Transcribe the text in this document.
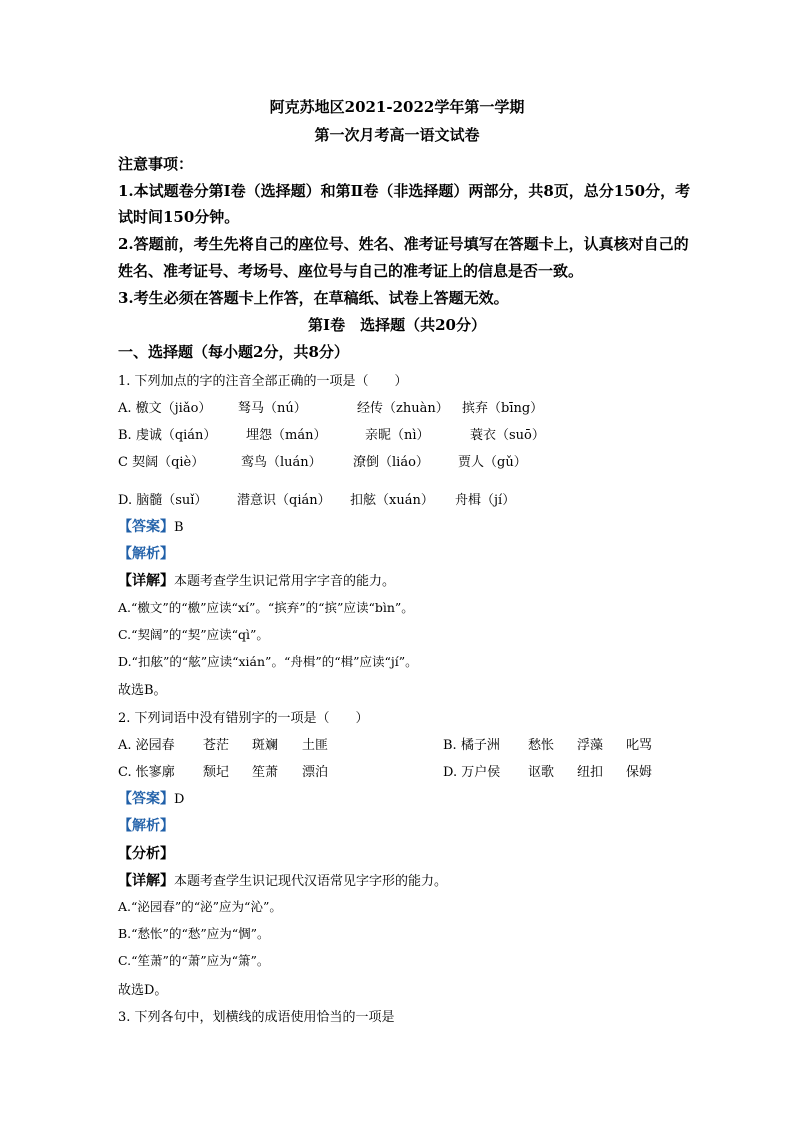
阿克苏地区2021-2022学年第一学期
第一次月考高一语文试卷
注意事项：
1.本试题卷分第Ⅰ卷（选择题）和第Ⅱ卷（非选择题）两部分，共8页，总分150分，考
试时间150分钟。
2.答题前，考生先将自己的座位号、姓名、准考证号填写在答题卡上，认真核对自己的
姓名、准考证号、考场号、座位号与自己的准考证上的信息是否一致。
3.考生必须在答题卡上作答，在草稿纸、试卷上答题无效。
第Ⅰ卷　选择题（共20分）
一、选择题（每小题2分，共8分）
1. 下列加点的字的注音全部正确的一项是（　　）
A. 檄文（jiǎo） 驽马（nú）	经传（zhuàn） 摈弃（bīng）
B. 虔诚（qián） 埋怨（mán）	亲昵（nì）	蓑衣（suō）
C 契阔（qiè）	鸾鸟（luán） 潦倒（liáo） 贾人（gǔ）
D. 脑髓（suǐ） 潜意识（qián） 扣舷（xuán） 舟楫（jí）
【答案】B
【解析】
【详解】本题考查学生识记常用字字音的能力。
A.“檄文”的“檄”应读“xí”。“摈弃”的“摈”应读“bìn”。
C.“契阔”的“契”应读“qì”。
D.“扣舷”的“舷”应读“xián”。“舟楫”的“楫”应读“jí”。
故选B。
2. 下列词语中没有错别字的一项是（　　）
A. 泌园春 苍茫 斑斓 土匪	B. 橘子洲 愁怅 浮藻 叱骂
C. 怅寥廓 颓圮 笙萧 漂泊	D. 万户侯 讴歌 纽扣 保姆
【答案】D
【解析】
【分析】
【详解】本题考查学生识记现代汉语常见字字形的能力。
A.“泌园春”的“泌”应为“沁”。
B.“愁怅”的“愁”应为“惆”。
C.“笙萧”的“萧”应为“箫”。
故选D。
3. 下列各句中，划横线的成语使用恰当的一项是
